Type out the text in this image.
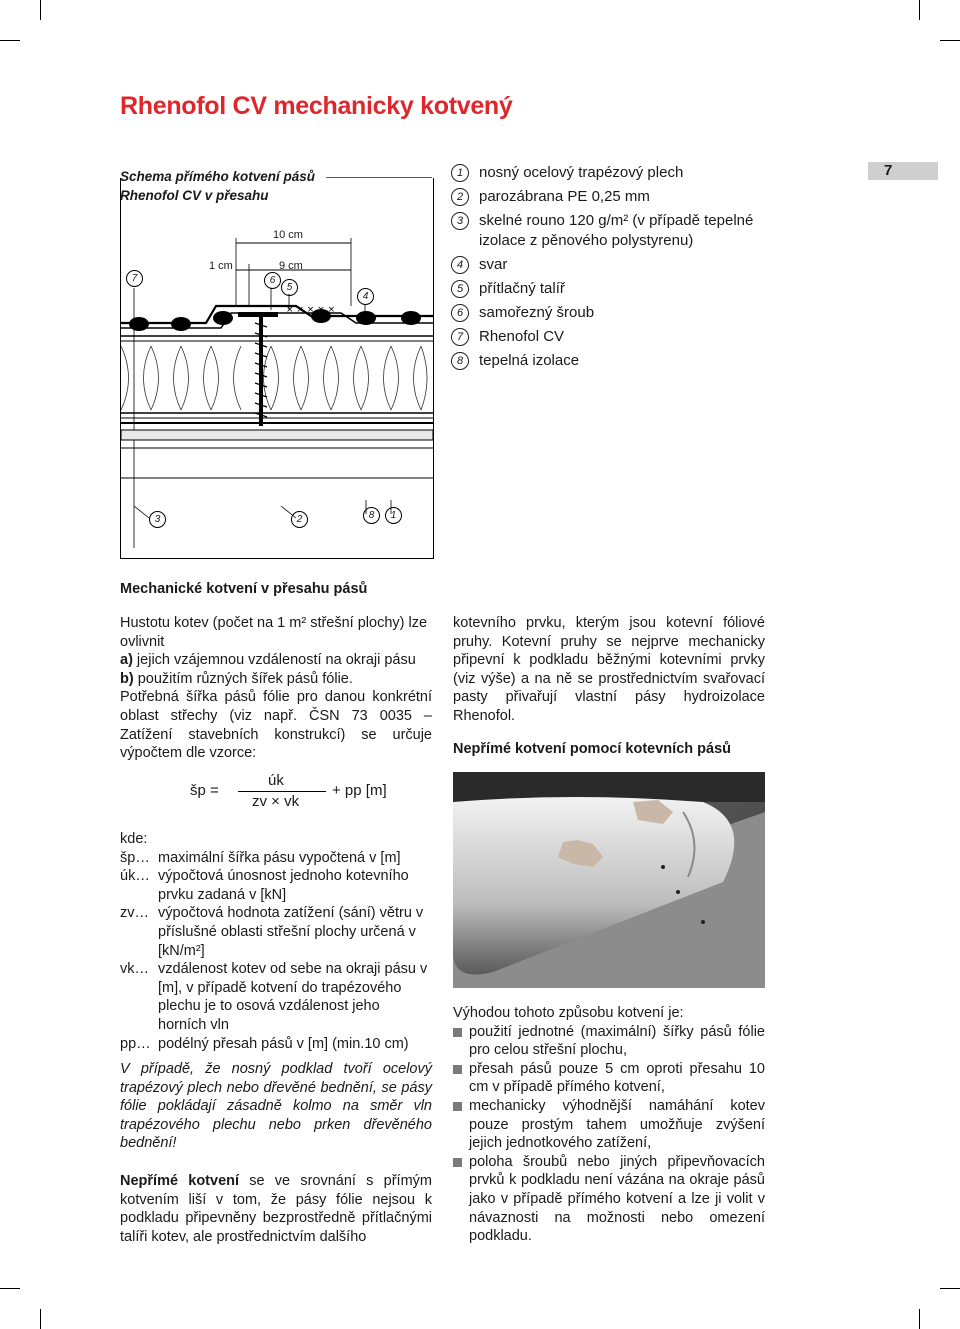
Rhenofol CV mechanicky kotvený
7
Schema přímého kotvení pásů
Rhenofol CV v přesahu
× × × × ×
10 cm
1 cm	9 cm
7	6
5
4
3	2	8	1
1	nosný ocelový trapézový plech
2	parozábrana PE 0,25 mm
3	skelné rouno 120 g/m² (v případě tepelné izolace z pěnového polystyrenu)
4	svar
5	přítlačný talíř
6	samořezný šroub
7	Rhenofol CV
8	tepelná izolace
Mechanické kotvení v přesahu pásů
Hustotu kotev (počet na 1 m² střešní plochy) lze ovlivnit
a) jejich vzájemnou vzdáleností na okraji pásu
b) použitím různých šířek pásů fólie.
Potřebná šířka pásů fólie pro danou konkrétní oblast střechy (viz např. ČSN 73 0035 – Zatížení stavebních konstrukcí) se určuje výpočtem dle vzorce:
šp =
úk
zv × vk
+ pp [m]
kde:
šp… maximální šířka pásu vypočtená v [m]
úk… výpočtová únosnost jednoho kotevního prvku zadaná v [kN]
zv… výpočtová hodnota zatížení (sání) větru v příslušné oblasti střešní plochy určená v [kN/m²]
vk… vzdálenost kotev od sebe na okraji pásu v [m], v případě kotvení do trapézového plechu je to osová vzdálenost jeho horních vln
pp… podélný přesah pásů v [m] (min.10 cm)
V případě, že nosný podklad tvoří ocelový trapézový plech nebo dřevěné bednění, se pásy fólie pokládají zásadně kolmo na směr vln trapézového plechu nebo prken dřevěného bednění!
Nepřímé kotvení se ve srovnání s přímým kotvením liší v tom, že pásy fólie nejsou k podkladu připevněny bezprostředně přítlačnými talíři kotev, ale prostřednictvím dalšího
kotevního prvku, kterým jsou kotevní fóliové pruhy. Kotevní pruhy se nejprve mechanicky připevní k podkladu běžnými kotevními prvky (viz výše) a na ně se prostřednictvím svařovací pasty přivařují vlastní pásy hydroizolace Rhenofol.
Nepřímé kotvení pomocí kotevních pásů
Výhodou tohoto způsobu kotvení je:
použití jednotné (maximální) šířky pásů fólie pro celou střešní plochu,
přesah pásů pouze 5 cm oproti přesahu 10 cm v případě přímého kotvení,
mechanicky výhodnější namáhání kotev pouze prostým tahem umožňuje zvýšení jejich jednotkového zatížení,
poloha šroubů nebo jiných připevňovacích prvků k podkladu není vázána na okraje pásů jako v případě přímého kotvení a lze ji volit v návaznosti na možnosti nebo omezení podkladu.
